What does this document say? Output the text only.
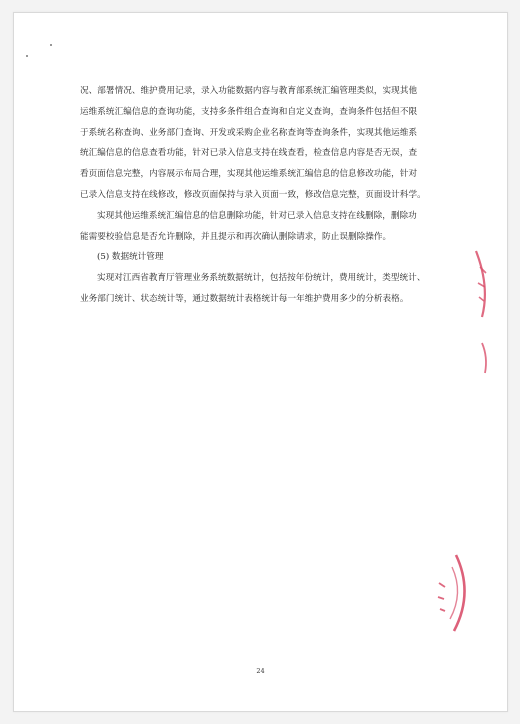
况、部署情况、维护费用记录，录入功能数据内容与教育部系统汇编管理类似，实现其他
运维系统汇编信息的查询功能，支持多条件组合查询和自定义查询，查询条件包括但不限
于系统名称查询、业务部门查询、开发或采购企业名称查询等查询条件，实现其他运维系
统汇编信息的信息查看功能，针对已录入信息支持在线查看，检查信息内容是否无误，查
看页面信息完整，内容展示布局合理，实现其他运维系统汇编信息的信息修改功能，针对
已录入信息支持在线修改，修改页面保持与录入页面一致，修改信息完整，页面设计科学。
实现其他运维系统汇编信息的信息删除功能，针对已录入信息支持在线删除，删除功
能需要校验信息是否允许删除，并且提示和再次确认删除请求，防止误删除操作。
(5) 数据统计管理
实现对江西省教育厅管理业务系统数据统计，包括按年份统计，费用统计，类型统计、
业务部门统计、状态统计等，通过数据统计表格统计每一年维护费用多少的分析表格。
24
